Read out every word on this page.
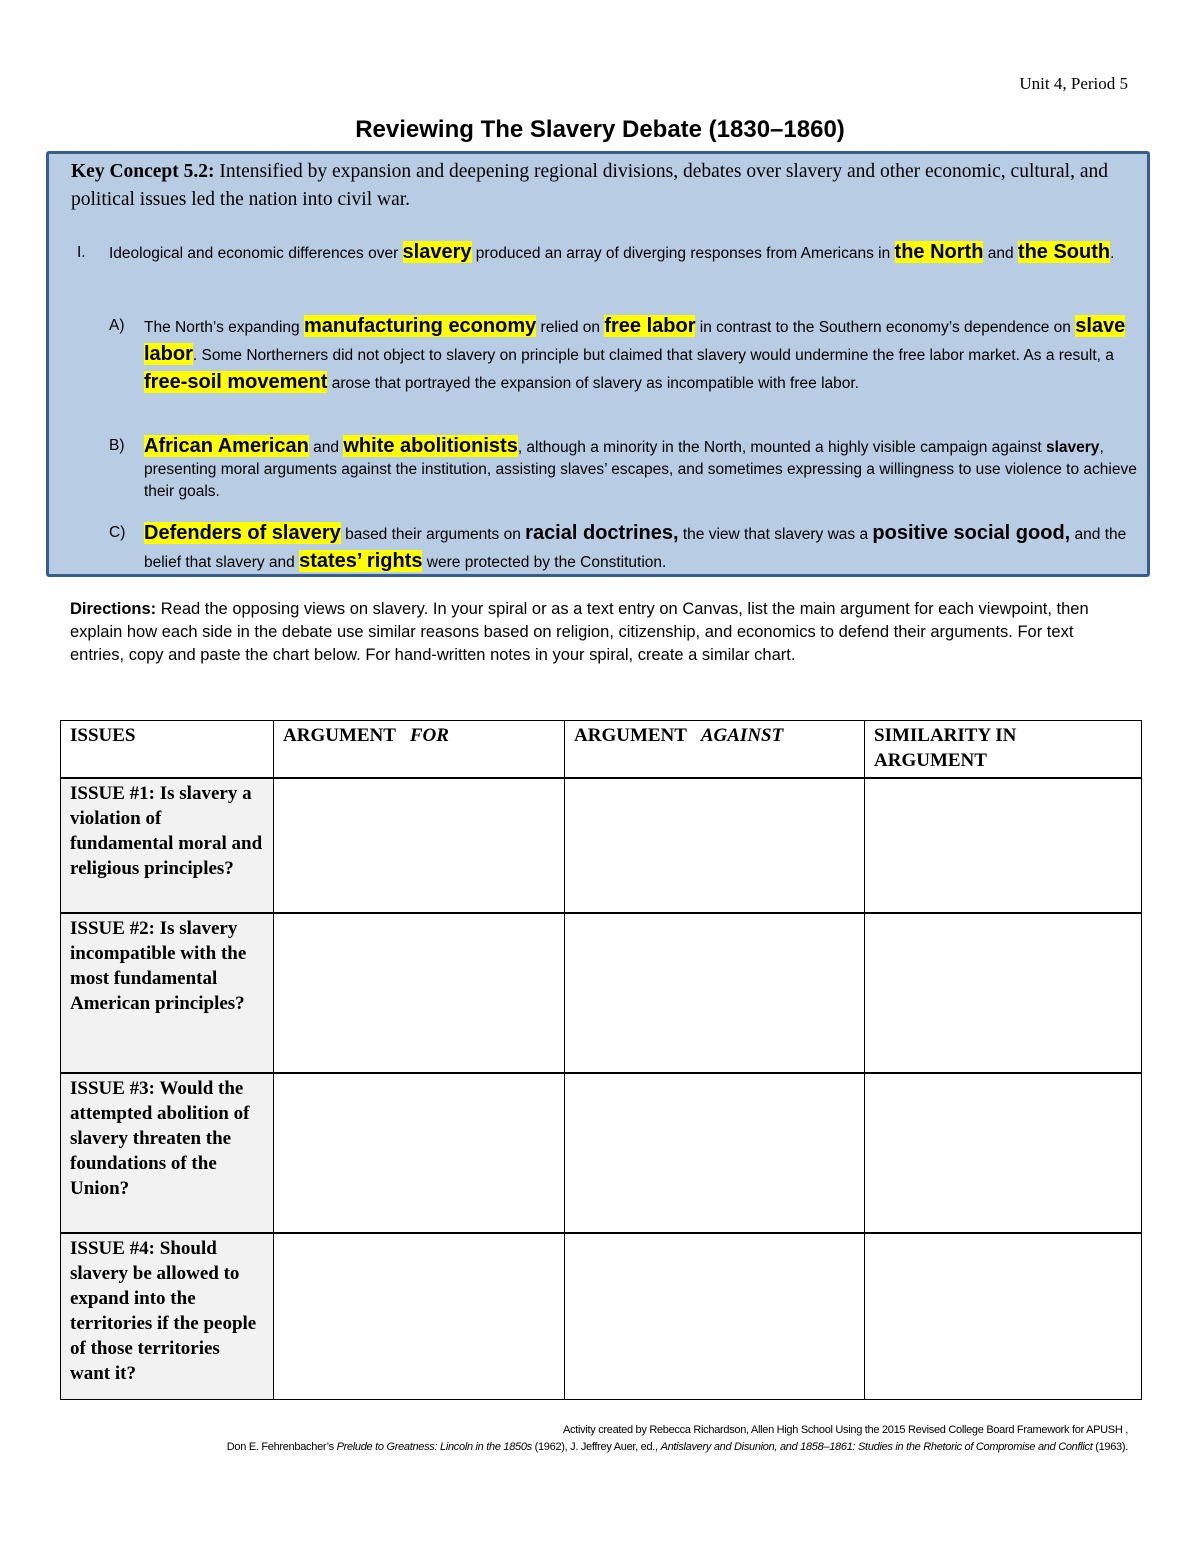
Unit 4, Period 5
Reviewing The Slavery Debate (1830–1860)
Key Concept 5.2: Intensified by expansion and deepening regional divisions, debates over slavery and other economic, cultural, and political issues led the nation into civil war.
I. Ideological and economic differences over slavery produced an array of diverging responses from Americans in the North and the South.
A) The North’s expanding manufacturing economy relied on free labor in contrast to the Southern economy’s dependence on slave labor. Some Northerners did not object to slavery on principle but claimed that slavery would undermine the free labor market. As a result, a free-soil movement arose that portrayed the expansion of slavery as incompatible with free labor.
B) African American and white abolitionists, although a minority in the North, mounted a highly visible campaign against slavery, presenting moral arguments against the institution, assisting slaves’ escapes, and sometimes expressing a willingness to use violence to achieve their goals.
C) Defenders of slavery based their arguments on racial doctrines, the view that slavery was a positive social good, and the belief that slavery and states’ rights were protected by the Constitution.
Directions: Read the opposing views on slavery. In your spiral or as a text entry on Canvas, list the main argument for each viewpoint, then explain how each side in the debate use similar reasons based on religion, citizenship, and economics to defend their arguments. For text entries, copy and paste the chart below. For hand-written notes in your spiral, create a similar chart.
ISSUES	ARGUMENT   FOR	ARGUMENT   AGAINST	SIMILARITY IN ARGUMENT
ISSUE #1: Is slavery a violation of fundamental moral and religious principles?			
ISSUE #2: Is slavery incompatible with the most fundamental American principles?			
ISSUE #3: Would the attempted abolition of slavery threaten the foundations of the Union?			
ISSUE #4: Should slavery be allowed to expand into the territories if the people of those territories want it?			
Activity created by Rebecca Richardson, Allen High School Using the 2015 Revised College Board Framework for APUSH ,
Don E. Fehrenbacher’s Prelude to Greatness: Lincoln in the 1850s (1962), J. Jeffrey Auer, ed., Antislavery and Disunion, and 1858–1861: Studies in the Rhetoric of Compromise and Conflict (1963).
